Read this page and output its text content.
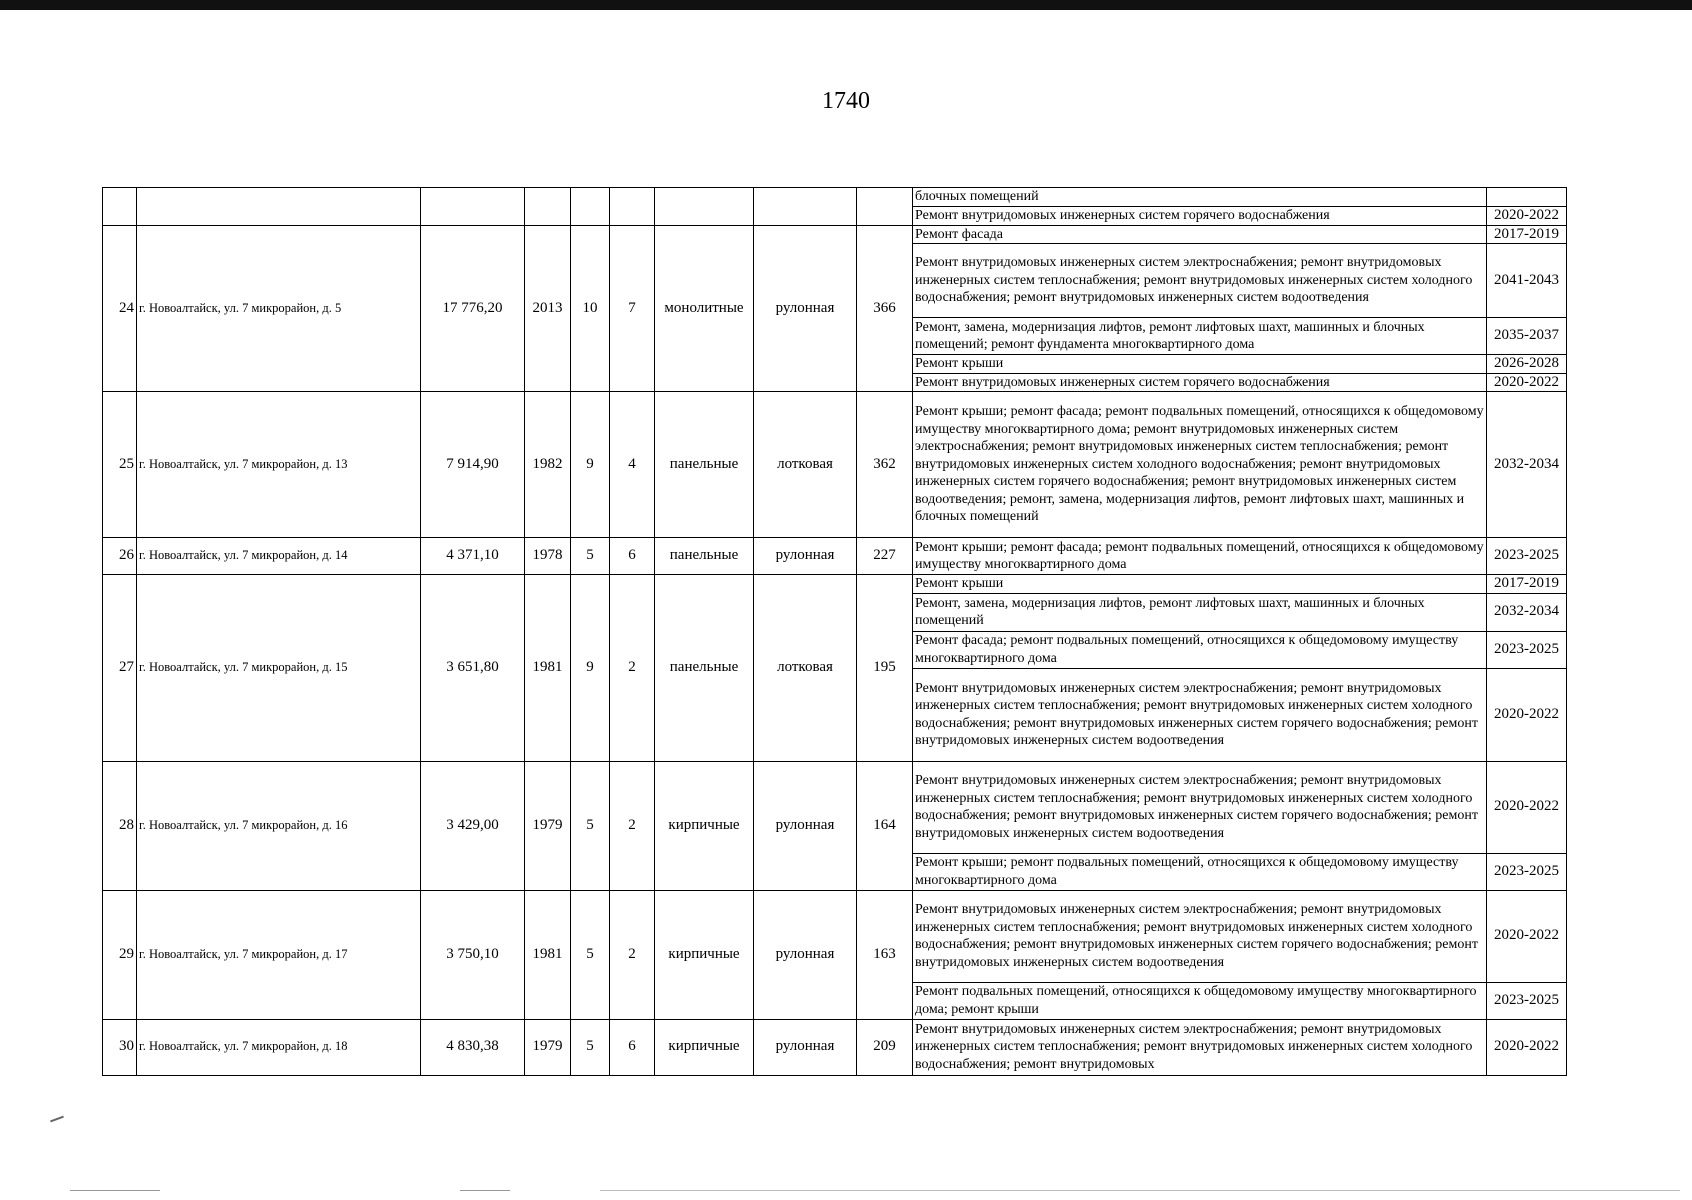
1740
									блочных помещений	
									Ремонт внутридомовых инженерных систем горячего водоснабжения	2020-2022
24	г. Новоалтайск, ул. 7 микрорайон, д. 5	17 776,20	2013	10	7	монолитные	рулонная	366	Ремонт фасада	2017-2019
									Ремонт внутридомовых инженерных систем электроснабжения; ремонт внутридомовых инженерных систем теплоснабжения; ремонт внутридомовых инженерных систем холодного водоснабжения; ремонт внутридомовых инженерных систем водоотведения	2041-2043
									Ремонт, замена, модернизация лифтов, ремонт лифтовых шахт, машинных и блочных помещений; ремонт фундамента многоквартирного дома	2035-2037
									Ремонт крыши	2026-2028
									Ремонт внутридомовых инженерных систем горячего водоснабжения	2020-2022
25	г. Новоалтайск, ул. 7 микрорайон, д. 13	7 914,90	1982	9	4	панельные	лотковая	362	Ремонт крыши; ремонт фасада; ремонт подвальных помещений, относящихся к общедомовому имуществу многоквартирного дома; ремонт внутридомовых инженерных систем электроснабжения; ремонт внутридомовых инженерных систем теплоснабжения; ремонт внутридомовых инженерных систем холодного водоснабжения; ремонт внутридомовых инженерных систем горячего водоснабжения; ремонт внутридомовых инженерных систем водоотведения; ремонт, замена, модернизация лифтов, ремонт лифтовых шахт, машинных и блочных помещений	2032-2034
26	г. Новоалтайск, ул. 7 микрорайон, д. 14	4 371,10	1978	5	6	панельные	рулонная	227	Ремонт крыши; ремонт фасада; ремонт подвальных помещений, относящихся к общедомовому имуществу многоквартирного дома	2023-2025
27	г. Новоалтайск, ул. 7 микрорайон, д. 15	3 651,80	1981	9	2	панельные	лотковая	195	Ремонт крыши	2017-2019
									Ремонт, замена, модернизация лифтов, ремонт лифтовых шахт, машинных и блочных помещений	2032-2034
									Ремонт фасада; ремонт подвальных помещений, относящихся к общедомовому имуществу многоквартирного дома	2023-2025
									Ремонт внутридомовых инженерных систем электроснабжения; ремонт внутридомовых инженерных систем теплоснабжения; ремонт внутридомовых инженерных систем холодного водоснабжения; ремонт внутридомовых инженерных систем горячего водоснабжения; ремонт внутридомовых инженерных систем водоотведения	2020-2022
28	г. Новоалтайск, ул. 7 микрорайон, д. 16	3 429,00	1979	5	2	кирпичные	рулонная	164	Ремонт внутридомовых инженерных систем электроснабжения; ремонт внутридомовых инженерных систем теплоснабжения; ремонт внутридомовых инженерных систем холодного водоснабжения; ремонт внутридомовых инженерных систем горячего водоснабжения; ремонт внутридомовых инженерных систем водоотведения	2020-2022
									Ремонт крыши; ремонт подвальных помещений, относящихся к общедомовому имуществу многоквартирного дома	2023-2025
29	г. Новоалтайск, ул. 7 микрорайон, д. 17	3 750,10	1981	5	2	кирпичные	рулонная	163	Ремонт внутридомовых инженерных систем электроснабжения; ремонт внутридомовых инженерных систем теплоснабжения; ремонт внутридомовых инженерных систем холодного водоснабжения; ремонт внутридомовых инженерных систем горячего водоснабжения; ремонт внутридомовых инженерных систем водоотведения	2020-2022
									Ремонт подвальных помещений, относящихся к общедомовому имуществу многоквартирного дома; ремонт крыши	2023-2025
30	г. Новоалтайск, ул. 7 микрорайон, д. 18	4 830,38	1979	5	6	кирпичные	рулонная	209	Ремонт внутридомовых инженерных систем электроснабжения; ремонт внутридомовых инженерных систем теплоснабжения; ремонт внутридомовых инженерных систем холодного водоснабжения; ремонт внутридомовых	2020-2022
